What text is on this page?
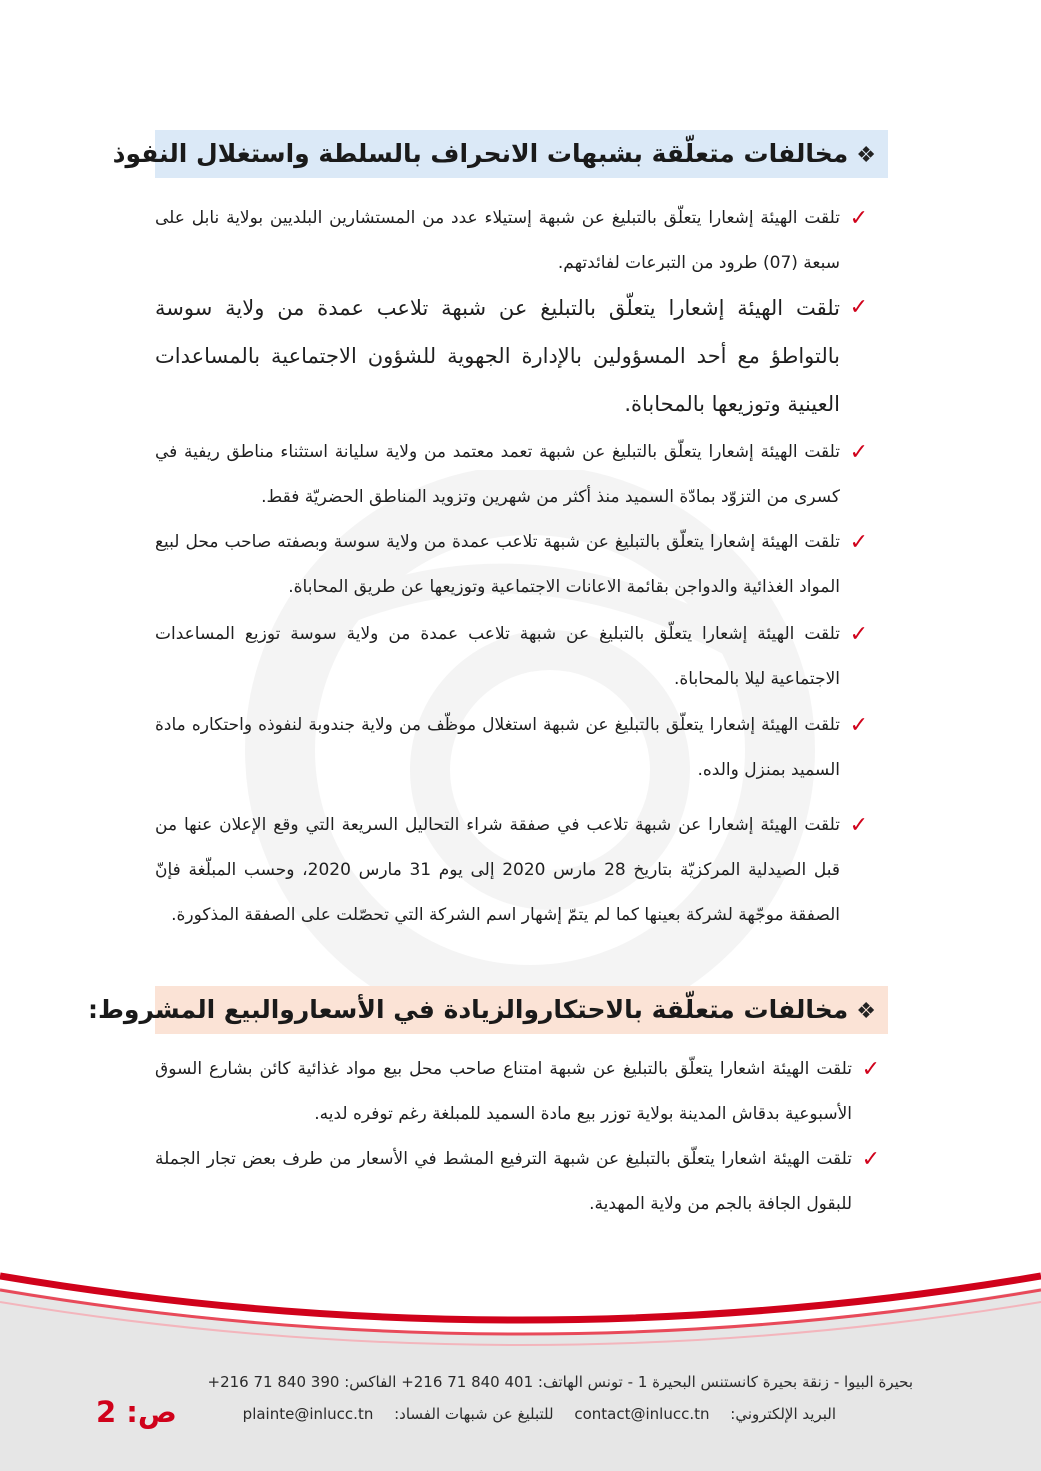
❖مخالفات متعلّقة بشبهات الانحراف بالسلطة واستغلال النفوذ
✓
تلقت الهيئة إشعارا يتعلّق بالتبليغ عن شبهة إستيلاء عدد من المستشارين البلديين بولاية نابل على سبعة (07) طرود من التبرعات لفائدتهم.
✓
تلقت الهيئة إشعارا يتعلّق بالتبليغ عن شبهة تلاعب عمدة من ولاية سوسة بالتواطؤ مع أحد المسؤولين بالإدارة الجهوية للشؤون الاجتماعية بالمساعدات العينية وتوزيعها بالمحاباة.
✓
تلقت الهيئة إشعارا يتعلّق بالتبليغ عن شبهة تعمد معتمد من ولاية سليانة استثناء مناطق ريفية في كسرى من التزوّد بمادّة السميد منذ أكثر من شهرين وتزويد المناطق الحضريّة فقط.
✓
تلقت الهيئة إشعارا يتعلّق بالتبليغ عن شبهة تلاعب عمدة من ولاية سوسة وبصفته صاحب محل لبيع المواد الغذائية والدواجن بقائمة الاعانات الاجتماعية وتوزيعها عن طريق المحاباة.
✓
تلقت الهيئة إشعارا يتعلّق بالتبليغ عن شبهة تلاعب عمدة من ولاية سوسة توزيع المساعدات الاجتماعية ليلا بالمحاباة.
✓
تلقت الهيئة إشعارا يتعلّق بالتبليغ عن شبهة استغلال موظّف من ولاية جندوبة لنفوذه واحتكاره مادة السميد بمنزل والده.
✓
تلقت الهيئة إشعارا عن شبهة تلاعب في صفقة شراء التحاليل السريعة التي وقع الإعلان عنها من قبل الصيدلية المركزيّة بتاريخ 28 مارس 2020 إلى يوم 31 مارس 2020، وحسب المبلّغة فإنّ الصفقة موجّهة لشركة بعينها كما لم يتمّ إشهار اسم الشركة التي تحصّلت على الصفقة المذكورة.
❖مخالفات متعلّقة بالاحتكاروالزيادة في الأسعاروالبيع المشروط:
✓
تلقت الهيئة اشعارا يتعلّق بالتبليغ عن شبهة امتناع صاحب محل بيع مواد غذائية كائن بشارع السوق الأسبوعية بدقاش المدينة بولاية توزر بيع مادة السميد للمبلغة رغم توفره لديه.
✓
تلقت الهيئة اشعارا يتعلّق بالتبليغ عن شبهة الترفيع المشط في الأسعار من طرف بعض تجار الجملة للبقول الجافة بالجم من ولاية المهدية.
بحيرة البيوا - زنقة بحيرة كانستنس البحيرة 1 - تونس الهاتف: 401 840 71 216+ الفاكس: 390 840 71 216+
البريد الإلكتروني: contact@inlucc.tn للتبليغ عن شبهات الفساد: plainte@inlucc.tn
ص: 2
